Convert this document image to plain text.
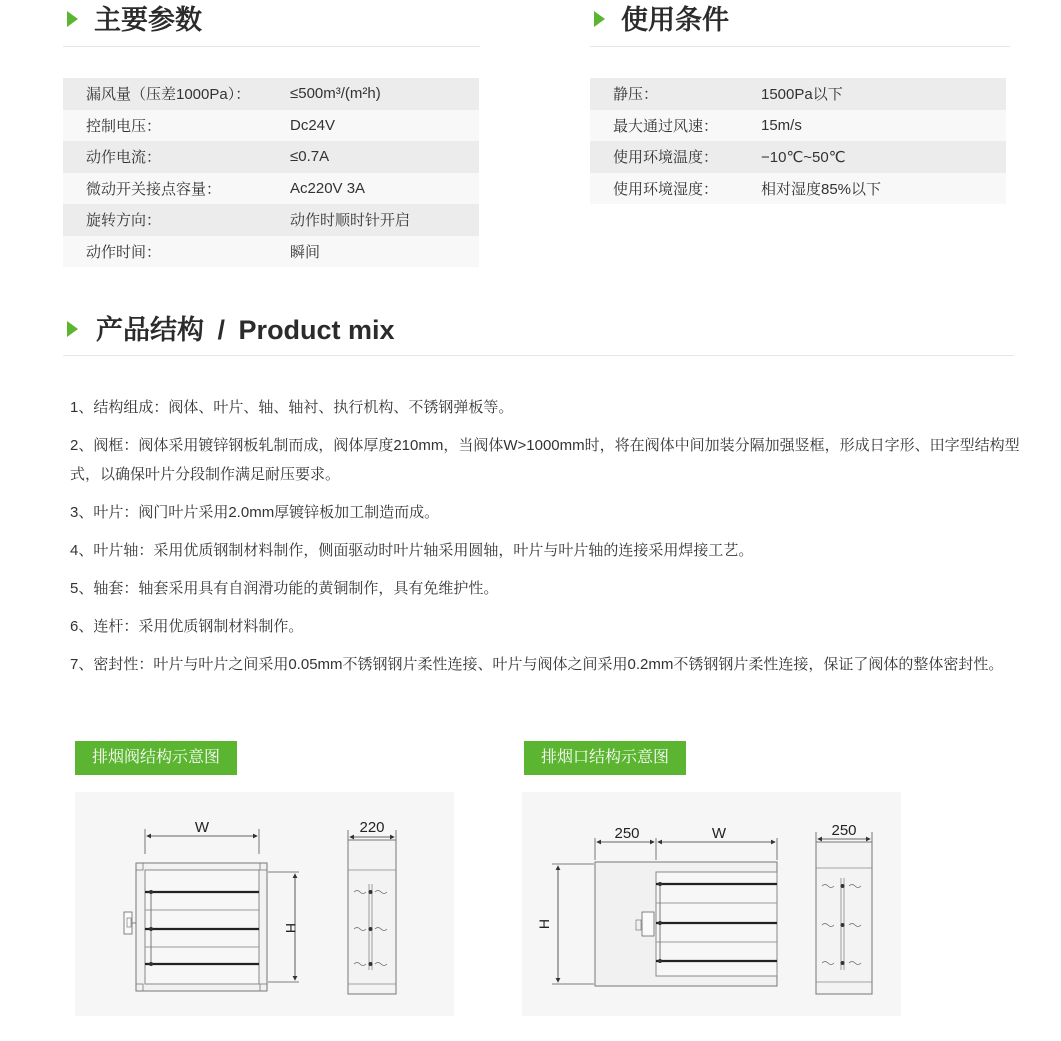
主要参数
漏风量（压差1000Pa）：	≤500m³/(m²h)
控制电压：	Dc24V
动作电流：	≤0.7A
微动开关接点容量：	Ac220V 3A
旋转方向：	动作时顺时针开启
动作时间：	瞬间
使用条件
静压：	1500Pa以下
最大通过风速：	15m/s
使用环境温度：	−10℃~50℃
使用环境湿度：	相对湿度85%以下
产品结构 / Product mix

1、结构组成：阀体、叶片、轴、轴衬、执行机构、不锈钢弹板等。

2、阀框：阀体采用镀锌钢板轧制而成，阀体厚度210mm，当阀体W>1000mm时，将在阀体中间加装分隔加强竖框，形成日字形、田字型结构型式，以确保叶片分段制作满足耐压要求。

3、叶片：阀门叶片采用2.0mm厚镀锌板加工制造而成。

4、叶片轴：采用优质钢制材料制作，侧面驱动时叶片轴采用圆轴，叶片与叶片轴的连接采用焊接工艺。

5、轴套：轴套采用具有自润滑功能的黄铜制作，具有免维护性。

6、连杆：采用优质钢制材料制作。

7、密封性：叶片与叶片之间采用0.05mm不锈钢钢片柔性连接、叶片与阀体之间采用0.2mm不锈钢钢片柔性连接，保证了阀体的整体密封性。

排烟阀结构示意图
W
H
220
排烟口结构示意图
250	W
H
250
